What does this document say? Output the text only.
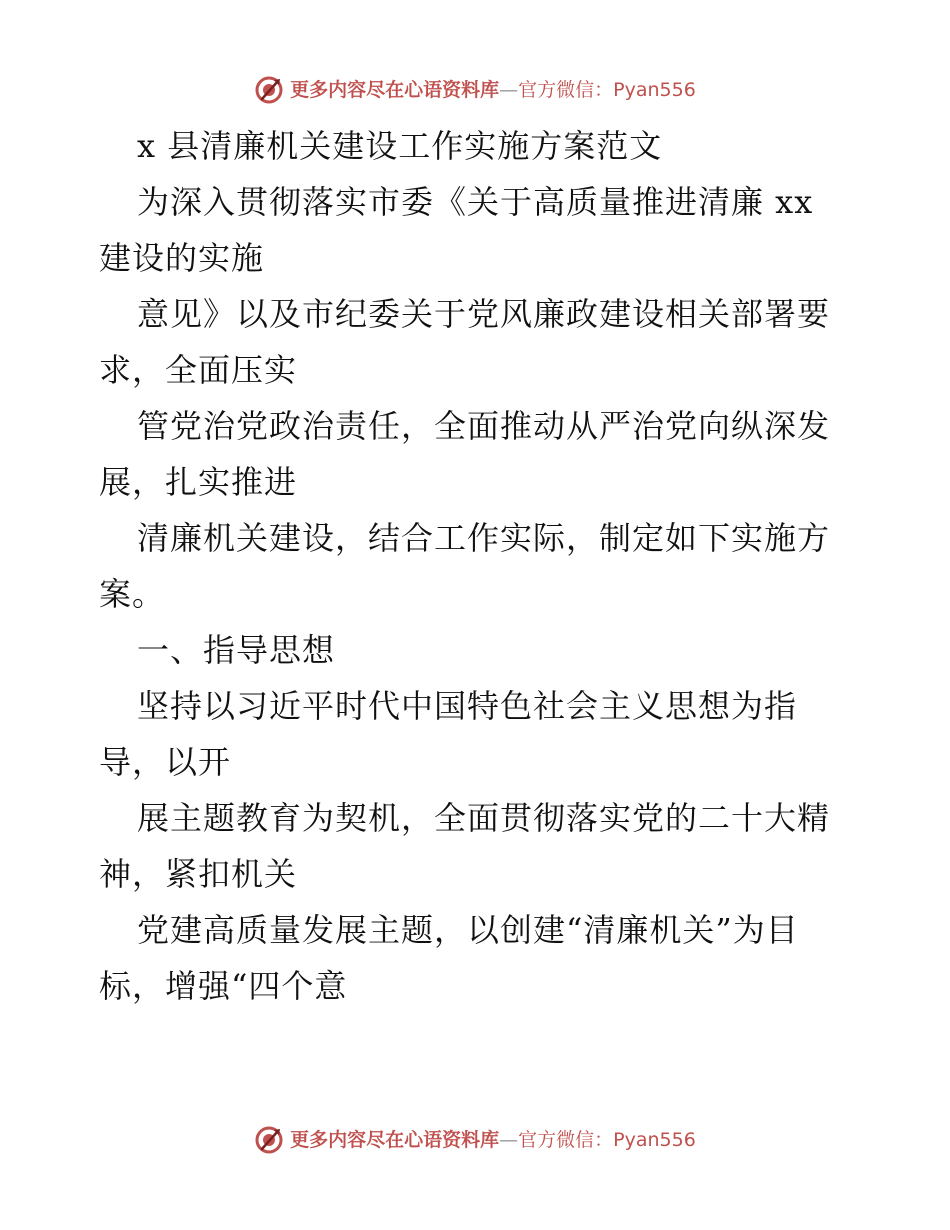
更多内容尽在心语资料库 — 官方微信：Pyan556
x 县清廉机关建设工作实施方案范文
为深入贯彻落实市委《关于高质量推进清廉 xx
建设的实施
意见》以及市纪委关于党风廉政建设相关部署要
求，全面压实
管党治党政治责任，全面推动从严治党向纵深发
展，扎实推进
清廉机关建设，结合工作实际，制定如下实施方
案。
一、指导思想
坚持以习近平时代中国特色社会主义思想为指
导，以开
展主题教育为契机，全面贯彻落实党的二十大精
神，紧扣机关
党建高质量发展主题，以创建“清廉机关”为目
标，增强“四个意
更多内容尽在心语资料库 — 官方微信：Pyan556
